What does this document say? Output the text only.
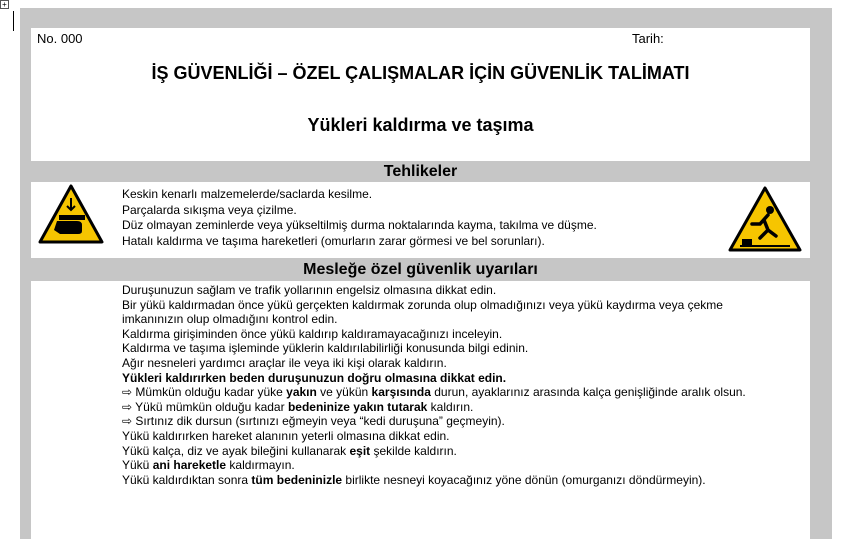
+
No. 000	Tarih:
İŞ GÜVENLİĞİ – ÖZEL ÇALIŞMALAR İÇİN GÜVENLİK TALİMATI
Yükleri kaldırma ve taşıma
Tehlikeler
Keskin kenarlı malzemelerde/saclarda kesilme.
Parçalarda sıkışma veya çizilme.
Düz olmayan zeminlerde veya yükseltilmiş durma noktalarında kayma, takılma ve düşme.
Hatalı kaldırma ve taşıma hareketleri (omurların zarar görmesi ve bel sorunları).
Mesleğe özel güvenlik uyarıları
Duruşunuzun sağlam ve trafik yollarının engelsiz olmasına dikkat edin.
Bir yükü kaldırmadan önce yükü gerçekten kaldırmak zorunda olup olmadığınızı veya yükü kaydırma veya çekme imkanınızın olup olmadığını kontrol edin.
Kaldırma girişiminden önce yükü kaldırıp kaldıramayacağınızı inceleyin.
Kaldırma ve taşıma işleminde yüklerin kaldırılabilirliği konusunda bilgi edinin.
Ağır nesneleri yardımcı araçlar ile veya iki kişi olarak kaldırın.
Yükleri kaldırırken beden duruşunuzun doğru olmasına dikkat edin.
⇨ Mümkün olduğu kadar yüke yakın ve yükün karşısında durun, ayaklarınız arasında kalça genişliğinde aralık olsun.
⇨ Yükü mümkün olduğu kadar bedeninize yakın tutarak kaldırın.
⇨ Sırtınız dik dursun (sırtınızı eğmeyin veya “kedi duruşuna” geçmeyin).
Yükü kaldırırken hareket alanının yeterli olmasına dikkat edin.
Yükü kalça, diz ve ayak bileğini kullanarak eşit şekilde kaldırın.
Yükü ani hareketle kaldırmayın.
Yükü kaldırdıktan sonra tüm bedeninizle birlikte nesneyi koyacağınız yöne dönün (omurganızı döndürmeyin).
